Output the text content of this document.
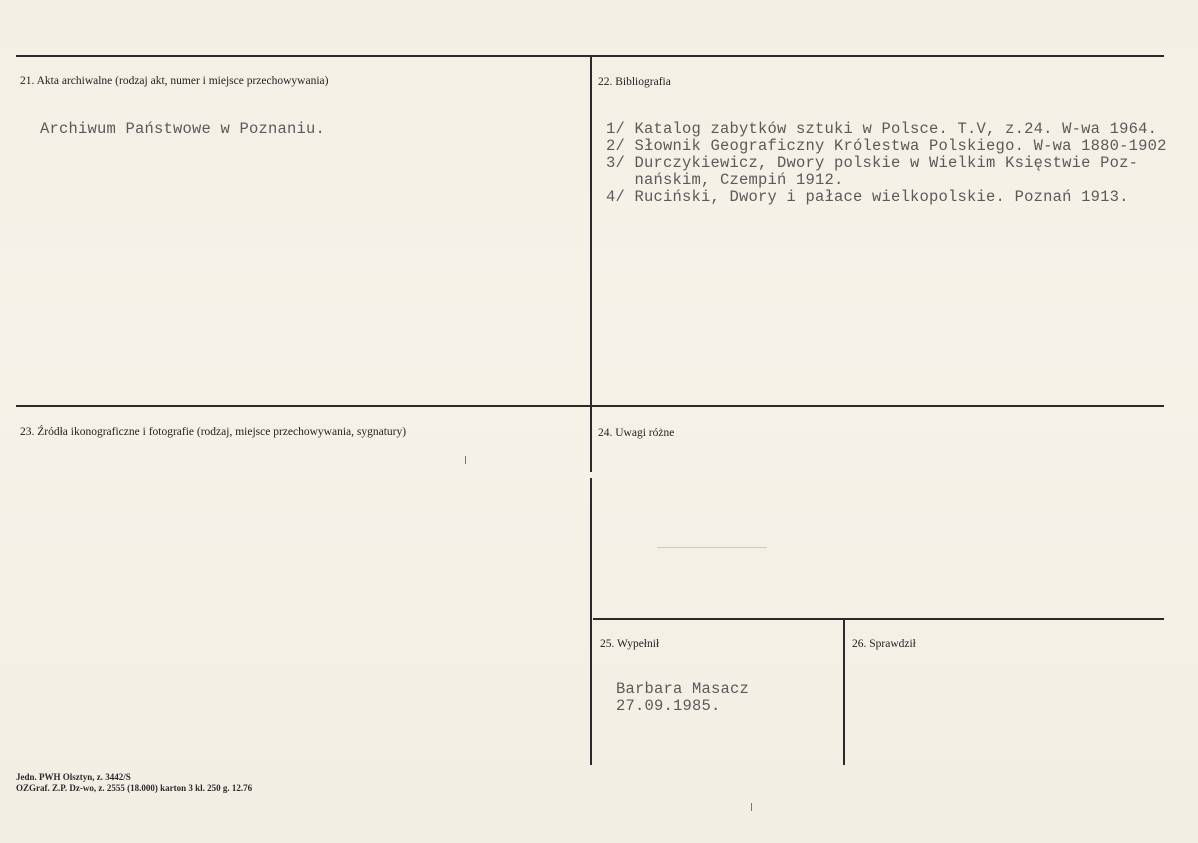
21. Akta archiwalne (rodzaj akt, numer i miejsce przechowywania)
Archiwum Państwowe w Poznaniu.
22. Bibliografia
1/ Katalog zabytków sztuki w Polsce. T.V, z.24. W-wa 1964.
2/ Słownik Geograficzny Królestwa Polskiego. W-wa 1880-1902
3/ Durczykiewicz, Dwory polskie w Wielkim Księstwie Poz-
nańskim, Czempiń 1912.
4/ Ruciński, Dwory i pałace wielkopolskie. Poznań 1913.
23. Źródła ikonograficzne i fotografie (rodzaj, miejsce przechowywania, sygnatury)	24. Uwagi różne
25. Wypełnił
Barbara Masacz
27.09.1985.
26. Sprawdził
Jedn. PWH Olsztyn, z. 3442/S
OZGraf. Z.P. Dz-wo, z. 2555 (18.000) karton 3 kl. 250 g. 12.76
